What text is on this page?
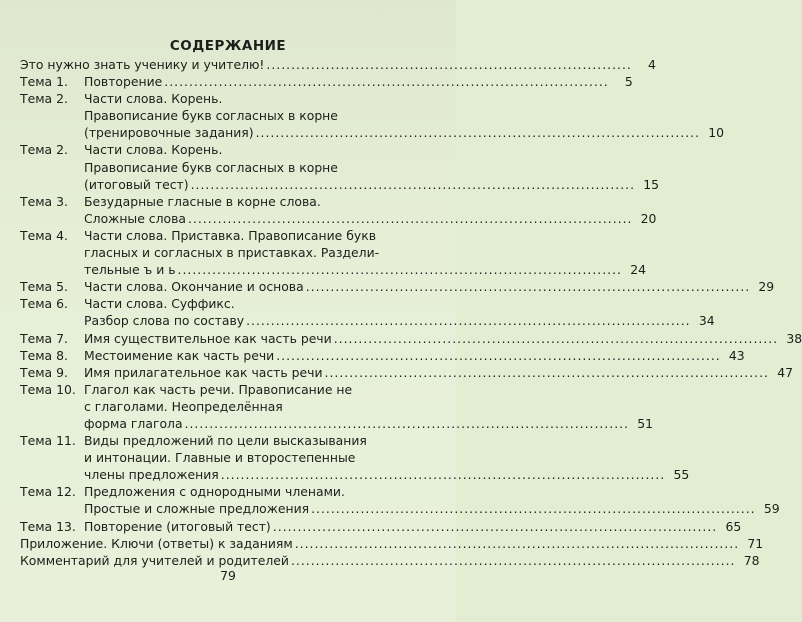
СОДЕРЖАНИЕ
Это нужно знать ученику и учителю! ..........................................................................	4
Тема 1.	Повторение ..........................................................................................	5
Тема 2.	Части слова. Корень.
Правописание букв согласных в корне
(тренировочные задания) .......................................................................................... 10
Тема 2.	Части слова. Корень.
Правописание букв согласных в корне
(итоговый тест) .......................................................................................... 15
Тема 3.	Безударные гласные в корне слова.
Сложные слова .......................................................................................... 20
Тема 4.	Части слова. Приставка. Правописание букв
гласных и согласных в приставках. Раздели-
тельные ъ и ь .......................................................................................... 24
Тема 5.	Части слова. Окончание и основа .......................................................................................... 29
Тема 6.	Части слова. Суффикс.
Разбор слова по составу .......................................................................................... 34
Тема 7.	Имя существительное как часть речи .......................................................................................... 38
Тема 8.	Местоимение как часть речи .......................................................................................... 43
Тема 9.	Имя прилагательное как часть речи .......................................................................................... 47
Тема 10. Глагол как часть речи. Правописание не
с глаголами. Неопределённая
форма глагола .......................................................................................... 51
Тема 11. Виды предложений по цели высказывания
и интонации. Главные и второстепенные
члены предложения .......................................................................................... 55
Тема 12. Предложения с однородными членами.
Простые и сложные предложения .......................................................................................... 59
Тема 13. Повторение (итоговый тест) .......................................................................................... 65
Приложение. Ключи (ответы) к заданиям .......................................................................................... 71
Комментарий для учителей и родителей .......................................................................................... 78
79
